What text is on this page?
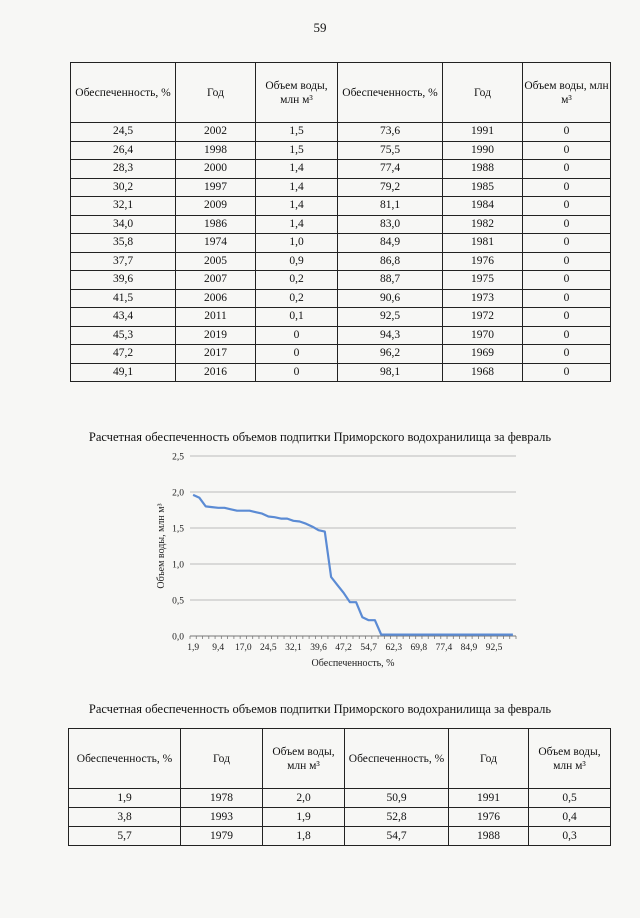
59
Обеспеченность, %	Год	Объем воды, млн м³	Обеспеченность, %	Год	Объем воды, млн м³
24,5	2002	1,5	73,6	1991	0
26,4	1998	1,5	75,5	1990	0
28,3	2000	1,4	77,4	1988	0
30,2	1997	1,4	79,2	1985	0
32,1	2009	1,4	81,1	1984	0
34,0	1986	1,4	83,0	1982	0
35,8	1974	1,0	84,9	1981	0
37,7	2005	0,9	86,8	1976	0
39,6	2007	0,2	88,7	1975	0
41,5	2006	0,2	90,6	1973	0
43,4	2011	0,1	92,5	1972	0
45,3	2019	0	94,3	1970	0
47,2	2017	0	96,2	1969	0
49,1	2016	0	98,1	1968	0
Расчетная обеспеченность объемов подпитки Приморского водохранилища за февраль
0,0
0,5
1,0
1,5
2,0
2,5
1,9 9,4 17,0 24,5 32,1 39,6 47,2 54,7 62,3 69,8 77,4 84,9 92,5
Обеспеченность, %
Объем воды, млн м³
Расчетная обеспеченность объемов подпитки Приморского водохранилища за февраль
Обеспеченность, %	Год	Объем воды, млн м³	Обеспеченность, %	Год	Объем воды, млн м³
1,9	1978	2,0	50,9	1991	0,5
3,8	1993	1,9	52,8	1976	0,4
5,7	1979	1,8	54,7	1988	0,3
